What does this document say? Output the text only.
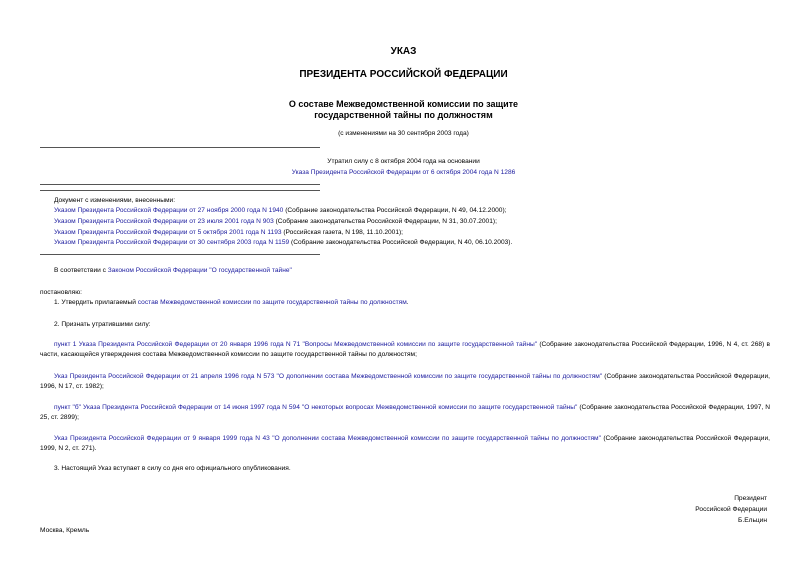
УКАЗ
ПРЕЗИДЕНТА РОССИЙСКОЙ ФЕДЕРАЦИИ
О составе Межведомственной комиссии по защите
государственной тайны по должностям
(с изменениями на 30 сентября 2003 года)
Утратил силу с 8 октября 2004 года на основании
Указа Президента Российской Федерации от 6 октября 2004 года N 1286
Документ с изменениями, внесенными:
Указом Президента Российской Федерации от 27 ноября 2000 года N 1940 (Собрание законодательства Российской Федерации, N 49, 04.12.2000);
Указом Президента Российской Федерации от 23 июля 2001 года N 903 (Собрание законодательства Российской Федерации, N 31, 30.07.2001);
Указом Президента Российской Федерации от 5 октября 2001 года N 1193 (Российская газета, N 198, 11.10.2001);
Указом Президента Российской Федерации от 30 сентября 2003 года N 1159 (Собрание законодательства Российской Федерации, N 40, 06.10.2003).
В соответствии с Законом Российской Федерации "О государственной тайне"
постановляю:
1. Утвердить прилагаемый состав Межведомственной комиссии по защите государственной тайны по должностям.
2. Признать утратившими силу:
пункт 1 Указа Президента Российской Федерации от 20 января 1996 года N 71 "Вопросы Межведомственной комиссии по защите государственной тайны" (Собрание законодательства Российской Федерации, 1996, N 4, ст. 268) в части, касающейся утверждения состава Межведомственной комиссии по защите государственной тайны по должностям;
Указ Президента Российской Федерации от 21 апреля 1996 года N 573 "О дополнении состава Межведомственной комиссии по защите государственной тайны по должностям" (Собрание законодательства Российской Федерации, 1996, N 17, ст. 1982);
пункт "б" Указа Президента Российской Федерации от 14 июня 1997 года N 594 "О некоторых вопросах Межведомственной комиссии по защите государственной тайны" (Собрание законодательства Российской Федерации, 1997, N 25, ст. 2899);
Указ Президента Российской Федерации от 9 января 1999 года N 43 "О дополнении состава Межведомственной комиссии по защите государственной тайны по должностям" (Собрание законодательства Российской Федерации, 1999, N 2, ст. 271).
3. Настоящий Указ вступает в силу со дня его официального опубликования.
Президент
Российской Федерации
Б.Ельцин
Москва, Кремль
